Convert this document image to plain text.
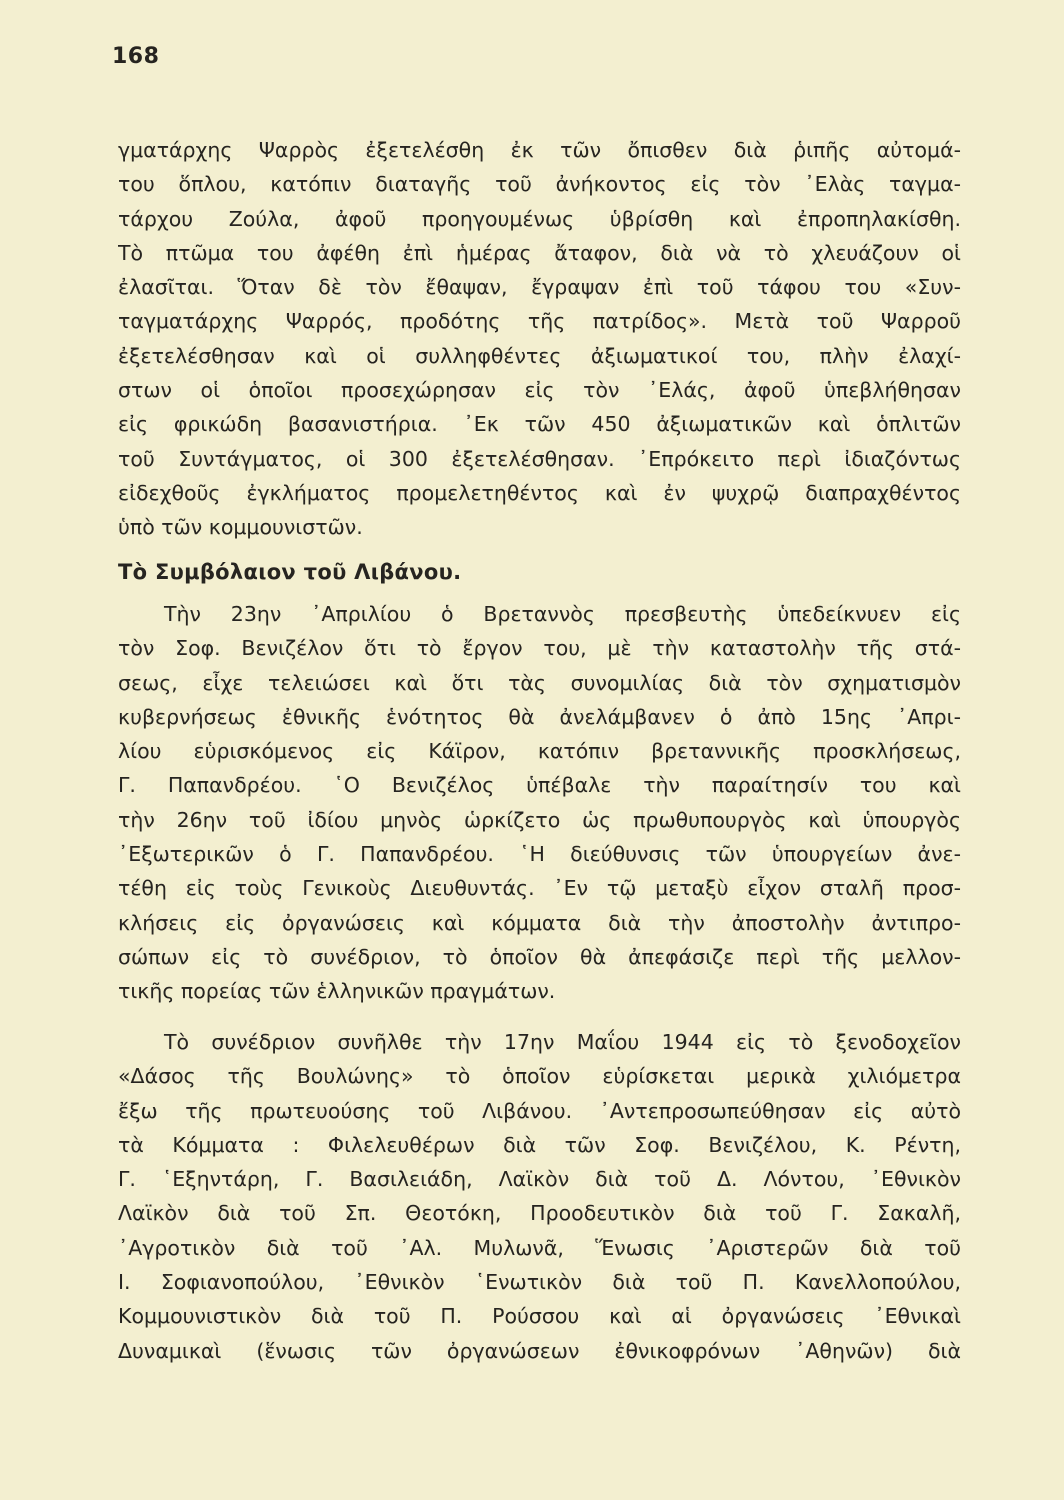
168
γματάρχης Ψαρρὸς ἐξετελέσθη ἐκ τῶν ὄπισθεν διὰ ῥιπῆς αὐτομά-
του ὅπλου, κατόπιν διαταγῆς τοῦ ἀνήκοντος εἰς τὸν ᾿Ελὰς ταγμα-
τάρχου Ζούλα, ἀφοῦ προηγουμένως ὑβρίσθη καὶ ἐπροπηλακίσθη.
Τὸ πτῶμα του ἀφέθη ἐπὶ ἡμέρας ἄταφον, διὰ νὰ τὸ χλευάζουν οἱ
ἐλασῖται. Ὅταν δὲ τὸν ἔθαψαν, ἔγραψαν ἐπὶ τοῦ τάφου του «Συν-
ταγματάρχης Ψαρρός, προδότης τῆς πατρίδος». Μετὰ τοῦ Ψαρροῦ
ἐξετελέσθησαν καὶ οἱ συλληφθέντες ἀξιωματικοί του, πλὴν ἐλαχί-
στων οἱ ὁποῖοι προσεχώρησαν εἰς τὸν ᾿Ελάς, ἀφοῦ ὑπεβλήθησαν
εἰς φρικώδη βασανιστήρια. ᾿Εκ τῶν 450 ἀξιωματικῶν καὶ ὁπλιτῶν
τοῦ Συντάγματος, οἱ 300 ἐξετελέσθησαν. ᾿Επρόκειτο περὶ ἰδιαζόντως
εἰδεχθοῦς ἐγκλήματος προμελετηθέντος καὶ ἐν ψυχρῷ διαπραχθέντος
ὑπὸ τῶν κομμουνιστῶν.
Τὸ Συμβόλαιον τοῦ Λιβάνου.
Τὴν 23ην ᾿Απριλίου ὁ Βρεταννὸς πρεσβευτὴς ὑπεδείκνυεν εἰς
τὸν Σοφ. Βενιζέλον ὅτι τὸ ἔργον του, μὲ τὴν καταστολὴν τῆς στά-
σεως, εἶχε τελειώσει καὶ ὅτι τὰς συνομιλίας διὰ τὸν σχηματισμὸν
κυβερνήσεως ἐθνικῆς ἑνότητος θὰ ἀνελάμβανεν ὁ ἀπὸ 15ης ᾿Απρι-
λίου εὑρισκόμενος εἰς Κάϊρον, κατόπιν βρεταννικῆς προσκλήσεως,
Γ. Παπανδρέου. ῾Ο Βενιζέλος ὑπέβαλε τὴν παραίτησίν του καὶ
τὴν 26ην τοῦ ἰδίου μηνὸς ὡρκίζετο ὡς πρωθυπουργὸς καὶ ὑπουργὸς
᾿Εξωτερικῶν ὁ Γ. Παπανδρέου. ῾Η διεύθυνσις τῶν ὑπουργείων ἀνε-
τέθη εἰς τοὺς Γενικοὺς Διευθυντάς. ᾿Εν τῷ μεταξὺ εἶχον σταλῆ προσ-
κλήσεις εἰς ὀργανώσεις καὶ κόμματα διὰ τὴν ἀποστολὴν ἀντιπρο-
σώπων εἰς τὸ συνέδριον, τὸ ὁποῖον θὰ ἀπεφάσιζε περὶ τῆς μελλον-
τικῆς πορείας τῶν ἑλληνικῶν πραγμάτων.
Τὸ συνέδριον συνῆλθε τὴν 17ην Μαΐου 1944 εἰς τὸ ξενοδοχεῖον
«Δάσος τῆς Βουλώνης» τὸ ὁποῖον εὑρίσκεται μερικὰ χιλιόμετρα
ἔξω τῆς πρωτευούσης τοῦ Λιβάνου. ᾿Αντεπροσωπεύθησαν εἰς αὐτὸ
τὰ Κόμματα : Φιλελευθέρων διὰ τῶν Σοφ. Βενιζέλου, Κ. Ρέντη,
Γ. ῾Εξηντάρη, Γ. Βασιλειάδη, Λαϊκὸν διὰ τοῦ Δ. Λόντου, ᾿Εθνικὸν
Λαϊκὸν διὰ τοῦ Σπ. Θεοτόκη, Προοδευτικὸν διὰ τοῦ Γ. Σακαλῆ,
᾿Αγροτικὸν διὰ τοῦ ᾿Αλ. Μυλωνᾶ, Ἕνωσις ᾿Αριστερῶν διὰ τοῦ
Ι. Σοφιανοπούλου, ᾿Εθνικὸν ῾Ενωτικὸν διὰ τοῦ Π. Κανελλοπούλου,
Κομμουνιστικὸν διὰ τοῦ Π. Ρούσσου καὶ αἱ ὀργανώσεις ᾿Εθνικαὶ
Δυναμικαὶ (ἕνωσις τῶν ὀργανώσεων ἐθνικοφρόνων ᾿Αθηνῶν) διὰ
